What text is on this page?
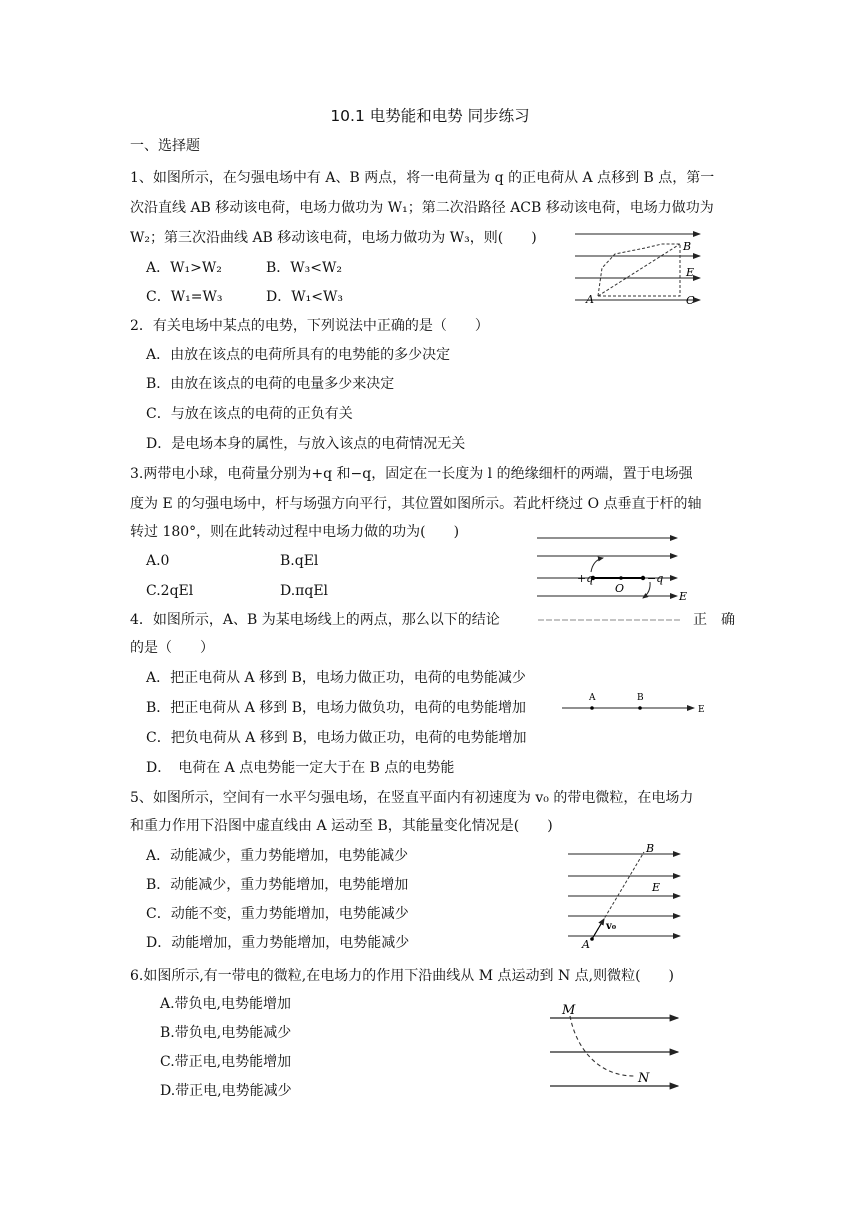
10.1 电势能和电势 同步练习
一、选择题
1、如图所示，在匀强电场中有 A、B 两点，将一电荷量为 q 的正电荷从 A 点移到 B 点，第一
次沿直线 AB 移动该电荷，电场力做功为 W₁；第二次沿路径 ACB 移动该电荷，电场力做功为
W₂；第三次沿曲线 AB 移动该电荷，电场力做功为 W₃，则(　　)
A．W₁>W₂	B．W₃<W₂
C．W₁=W₃	D．W₁<W₃	A
B
C
E
2．有关电场中某点的电势，下列说法中正确的是（　　）
A．由放在该点的电荷所具有的电势能的多少决定
B．由放在该点的电荷的电量多少来决定
C．与放在该点的电荷的正负有关
D．是电场本身的属性，与放入该点的电荷情况无关
3.两带电小球，电荷量分别为+q 和−q，固定在一长度为 l 的绝缘细杆的两端，置于电场强
度为 E 的匀强电场中，杆与场强方向平行，其位置如图所示。若此杆绕过 O 点垂直于杆的轴
转过 180°，则在此转动过程中电场力做的功为(　　)
A.0	B.qEl
C.2qEl	D.πqEl
+q
O
−q
E
4．如图所示，A、B 为某电场线上的两点，那么以下的结论	正　确
的是（　　）
A．把正电荷从 A 移到 B，电场力做正功，电荷的电势能减少
B．把正电荷从 A 移到 B，电场力做负功，电荷的电势能增加
C．把负电荷从 A 移到 B，电场力做正功，电荷的电势能增加
D．　电荷在 A 点电势能一定大于在 B 点的电势能
A	B
E
5、如图所示，空间有一水平匀强电场，在竖直平面内有初速度为 v₀ 的带电微粒，在电场力
和重力作用下沿图中虚直线由 A 运动至 B，其能量变化情况是(　　)
A．动能减少，重力势能增加，电势能减少
B．动能减少，重力势能增加，电势能增加
C．动能不变，重力势能增加，电势能减少
D．动能增加，重力势能增加，电势能减少	A
B
E
v₀
6.如图所示,有一带电的微粒,在电场力的作用下沿曲线从 M 点运动到 N 点,则微粒(　　)
A.带负电,电势能增加
B.带负电,电势能减少
C.带正电,电势能增加
D.带正电,电势能减少
M
N
